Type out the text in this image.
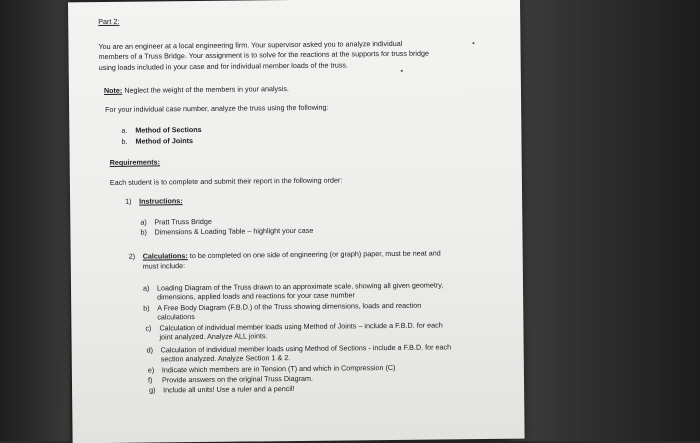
Part 2:
You are an engineer at a local engineering firm. Your supervisor asked you to analyze individual
members of a Truss Bridge. Your assignment is to solve for the reactions at the supports for truss bridge
using loads included in your case and for individual member loads of the truss.
Note: Neglect the weight of the members in your analysis.
For your individual case number, analyze the truss using the following:
a. Method of Sections
b. Method of Joints
Requirements:
Each student is to complete and submit their report in the following order:
1) Instructions:
a) Pratt Truss Bridge
b) Dimensions & Loading Table – highlight your case
2) Calculations: to be completed on one side of engineering (or graph) paper, must be neat and
must include:
a) Loading Diagram of the Truss drawn to an approximate scale, showing all given geometry,
dimensions, applied loads and reactions for your case number
b) A Free Body Diagram (F.B.D.) of the Truss showing dimensions, loads and reaction
calculations
c) Calculation of individual member loads using Method of Joints – include a F.B.D. for each
joint analyzed. Analyze ALL joints.
d) Calculation of individual member loads using Method of Sections - include a F.B.D. for each
section analyzed. Analyze Section 1 & 2.
e) Indicate which members are in Tension (T) and which in Compression (C)
f) Provide answers on the original Truss Diagram.
g) Include all units! Use a ruler and a pencil!
